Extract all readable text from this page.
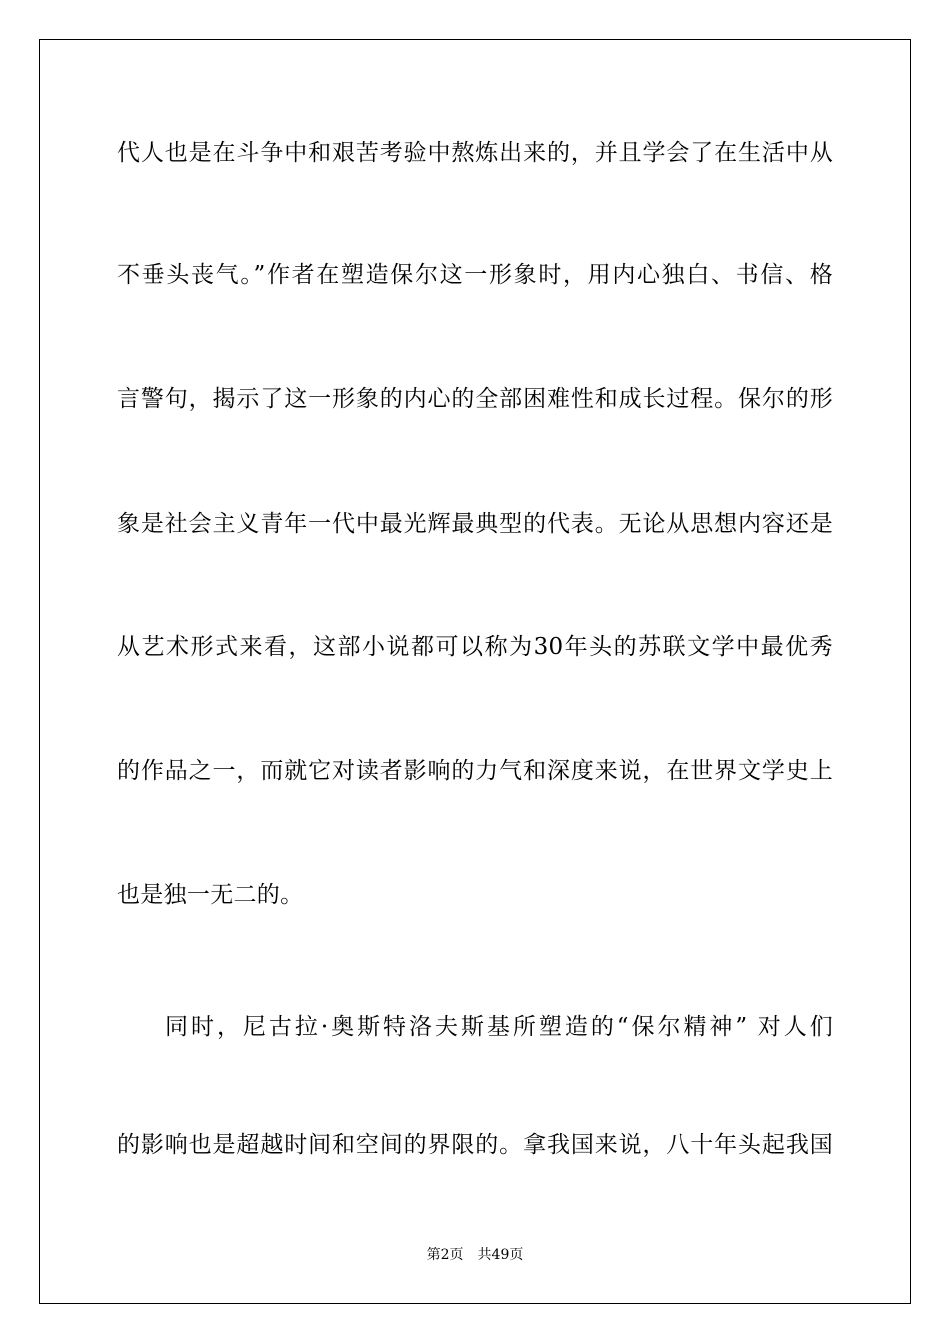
代人也是在斗争中和艰苦考验中熬炼出来的，并且学会了在生活中从
不垂头丧气。”作者在塑造保尔这一形象时，用内心独白、书信、格
言警句，揭示了这一形象的内心的全部困难性和成长过程。保尔的形
象是社会主义青年一代中最光辉最典型的代表。无论从思想内容还是
从艺术形式来看，这部小说都可以称为30年头的苏联文学中最优秀
的作品之一，而就它对读者影响的力气和深度来说，在世界文学史上
也是独一无二的。
同时，尼古拉·奥斯特洛夫斯基所塑造的“保尔精神” 对人们
的影响也是超越时间和空间的界限的。拿我国来说，八十年头起我国
第2页　共49页
